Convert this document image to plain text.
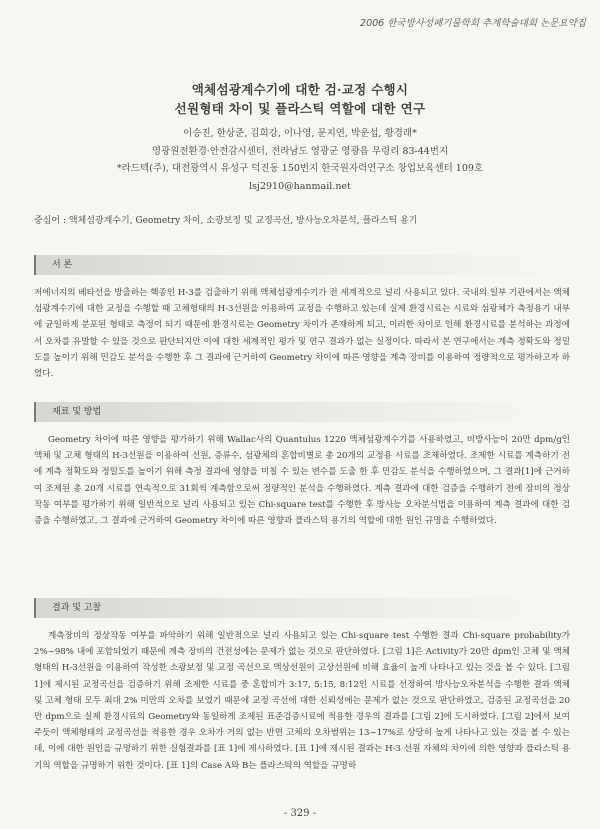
2006 한국방사성폐기물학회 추계학술대회 논문요약집
액체섬광계수기에 대한 검·교정 수행시
선원형태 차이 및 플라스틱 역할에 대한 연구
이승진, 한상준, 김희강, 이나영, 문지연, 박운섭, 황경래*
영광원전환경·안전감시센터, 전라남도 영광군 영광읍 무령리 83-44번지
*라드텍(주), 대전광역시 유성구 덕진동 150번지 한국원자력연구소 창업보육센터 109호
lsj2910@hanmail.net
중심어 : 액체섬광계수기, Geometry 차이, 소광보정 및 교정곡선, 방사능오차분석, 플라스틱 용기
서 론

저에너지의 베타선을 방출하는 핵종인 H-3를 검출하기 위해 액체섬광계수기가 전 세계적으로 널리 사용되고 있다. 국내의 일부 기관에서는 액체섬광계수기에 대한 교정을 수행할 때 고체형태의 H-3선원을 이용하여 교정을 수행하고 있는데 실제 환경시료는 시료와 섬광체가 측정용기 내부에 균일하게 분포된 형태로 측정이 되기 때문에 환경시료는 Geometry 차이가 존재하게 되고, 이러한 차이로 인해 환경시료를 분석하는 과정에서 오차를 유발할 수 있을 것으로 판단되지만 이에 대한 세계적인 평가 및 연구 결과가 없는 실정이다. 따라서 본 연구에서는 계측 정확도와 정밀도를 높이기 위해 민감도 분석을 수행한 후 그 결과에 근거하여 Geometry 차이에 따른 영향을 계측 장비를 이용하여 정량적으로 평가하고자 하였다.

재료 및 방법

Geometry 차이에 따른 영향을 평가하기 위해 Wallac사의 Quantulus 1220 액체섬광계수기를 사용하였고, 비방사능이 20만 dpm/g인 액체 및 고체 형태의 H-3선원을 이용하여 선원, 증류수, 섬광체의 혼합비별로 총 20개의 교정용 시료를 조제하였다. 조제한 시료를 계측하기 전에 계측 정확도와 정밀도를 높이기 위해 측정 결과에 영향을 미칠 수 있는 변수를 도출 한 후 민감도 분석을 수행하였으며, 그 결과[1]에 근거하여 조제된 총 20개 시료를 연속적으로 31회씩 계측함으로써 정량적인 분석을 수행하였다. 계측 결과에 대한 검증을 수행하기 전에 장비의 정상작동 여부를 평가하기 위해 일반적으로 널리 사용되고 있는 Chi-square test를 수행한 후 방사능 오차분석법을 이용하여 계측 결과에 대한 검증을 수행하였고, 그 결과에 근거하여 Geometry 차이에 따른 영향과 플라스틱 용기의 역할에 대한 원인 규명을 수행하였다.

결과 및 고찰

계측장비의 정상작동 여부를 파악하기 위해 일반적으로 널리 사용되고 있는 Chi-square test 수행한 결과 Chi-square probability가 2%~98% 내에 포함되었기 때문에 계측 장비의 건전성에는 문제가 없는 것으로 판단하였다. [그림 1]은 Activity가 20만 dpm인 고체 및 액체 형태의 H-3선원을 이용하여 작성한 소광보정 및 교정 곡선으로 액상선원이 고상선원에 비해 효율이 높게 나타나고 있는 것을 볼 수 있다. [그림 1]에 제시된 교정곡선을 검증하기 위해 조제한 시료를 중 혼합비가 3:17, 5:15, 8:12인 시료를 선정하여 방사능오차분석을 수행한 결과 액체 및 고체 형태 모두 최대 2% 미만의 오차를 보였기 때문에 교정 곡선에 대한 신뢰성에는 문제가 없는 것으로 판단하였고, 검증된 교정곡선을 20만 dpm으로 실제 환경시료의 Geometry와 동일하게 조제된 표준검증시료에 적용한 경우의 결과를 [그림 2]에 도시하였다. [그림 2]에서 보여 주듯이 액체형태의 교정곡선을 적용한 경우 오차가 거의 없는 반면 고체의 오차범위는 13~17%로 상당히 높게 나타나고 있는 것을 볼 수 있는데, 이에 대한 원인을 규명하기 위한 실험결과를 [표 1]에 제시하였다. [표 1]에 제시된 결과는 H-3 선원 자체의 차이에 의한 영향과 플라스틱 용기의 역할을 규명하기 위한 것이다. [표 1]의 Case A와 B는 플라스틱의 역할을 규명하

- 329 -
